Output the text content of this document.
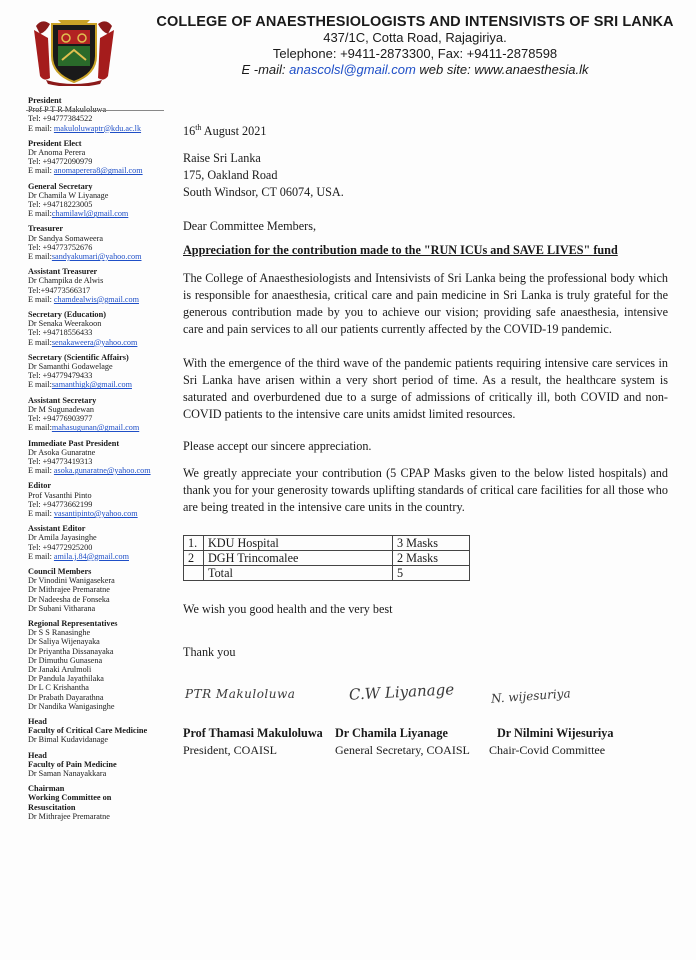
COLLEGE OF ANAESTHESIOLOGISTS AND INTENSIVISTS OF SRI LANKA
437/1C, Cotta Road, Rajagiriya.
Telephone: +9411-2873300, Fax: +9411-2878598
E -mail: anascolsl@gmail.com web site: www.anaesthesia.lk
President
Tel: +94777384522
E mail: makuloluwaptr@kdu.ac.lk
President Elect
Dr Anoma Perera
Tel: +94772090979
E mail: anomaperera8@gmail.com
General Secretary
Dr Chamila W Liyanage
Tel: +94718223005
E mail:chamilawl@gmail.com
Treasurer
Dr Sandya Somaweera
Tel: +94773752676
E mail:sandyakumari@yahoo.com
Assistant Treasurer
Dr Champika de Alwis
Tel:+94773566317
E mail: chamdealwis@gmail.com
Secretary (Education)
Dr Senaka Weerakoon
Tel: +94718556433
E mail:senakaweera@yahoo.com
Secretary (Scientific Affairs)
Dr Samanthi Godawelage
Tel: +94779479433
E mail:samanthigk@gmail.com
Assistant Secretary
Dr M Sugunadewan
Tel: +94776903977
E mail:mahasugunan@gmail.com
Immediate Past President
Dr Asoka Gunaratne
Tel: +94773419313
E mail: asoka.gunaratne@yahoo.com
Editor
Prof Vasanthi Pinto
Tel: +94773662199
E mail: vasantipinto@yahoo.com
Assistant Editor
Dr Amila Jayasinghe
Tel: +94772925200
E mail: amila.j.84@gmail.com
Council Members
Dr Vinodini Wanigasekera
Dr Mithrajee Premaratne
Dr Nadeesha de Fonseka
Dr Subani Vitharana
Regional Representatives
Dr S S Ranasinghe
Dr Saliya Wijenayaka
Dr Priyantha Dissanayaka
Dr Dimuthu Gunasena
Dr Janaki Arulmoli
Dr Pandula Jayathilaka
Dr L C Krishantha
Dr Prabath Dayarathna
Dr Nandika Wanigasinghe
Head
Faculty of Critical Care Medicine
Dr Bimal Kudavidanage
Head
Faculty of Pain Medicine
Dr Saman Nanayakkara
Chairman
Working Committee on
Resuscitation
Dr Mithrajee Premaratne
16th August 2021
Raise Sri Lanka
175, Oakland Road
South Windsor, CT 06074, USA.
Dear Committee Members,
Appreciation for the contribution made to the "RUN ICUs and SAVE LIVES" fund
The College of Anaesthesiologists and Intensivists of Sri Lanka being the professional body which is responsible for anaesthesia, critical care and pain medicine in Sri Lanka is truly grateful for the generous contribution made by you to achieve our vision; providing safe anaesthesia, intensive care and pain services to all our patients currently affected by the COVID-19 pandemic.
With the emergence of the third wave of the pandemic patients requiring intensive care services in Sri Lanka have arisen within a very short period of time. As a result, the healthcare system is saturated and overburdened due to a surge of admissions of critically ill, both COVID and non-COVID patients to the intensive care units amidst limited resources.
Please accept our sincere appreciation.
We greatly appreciate your contribution (5 CPAP Masks given to the below listed hospitals) and thank you for your generosity towards uplifting standards of critical care facilities for all those who are being treated in the intensive care units in the country.
1.	KDU Hospital	3 Masks
2	DGH Trincomalee	2 Masks
	Total	5
We wish you good health and the very best
Thank you
PTR Makuloluwa	C.W Liyanage	N. wijesuriya
Prof Thamasi Makuloluwa
President, COAISL
Dr Chamila Liyanage
General Secretary, COAISL
Dr Nilmini Wijesuriya
Chair-Covid Committee
